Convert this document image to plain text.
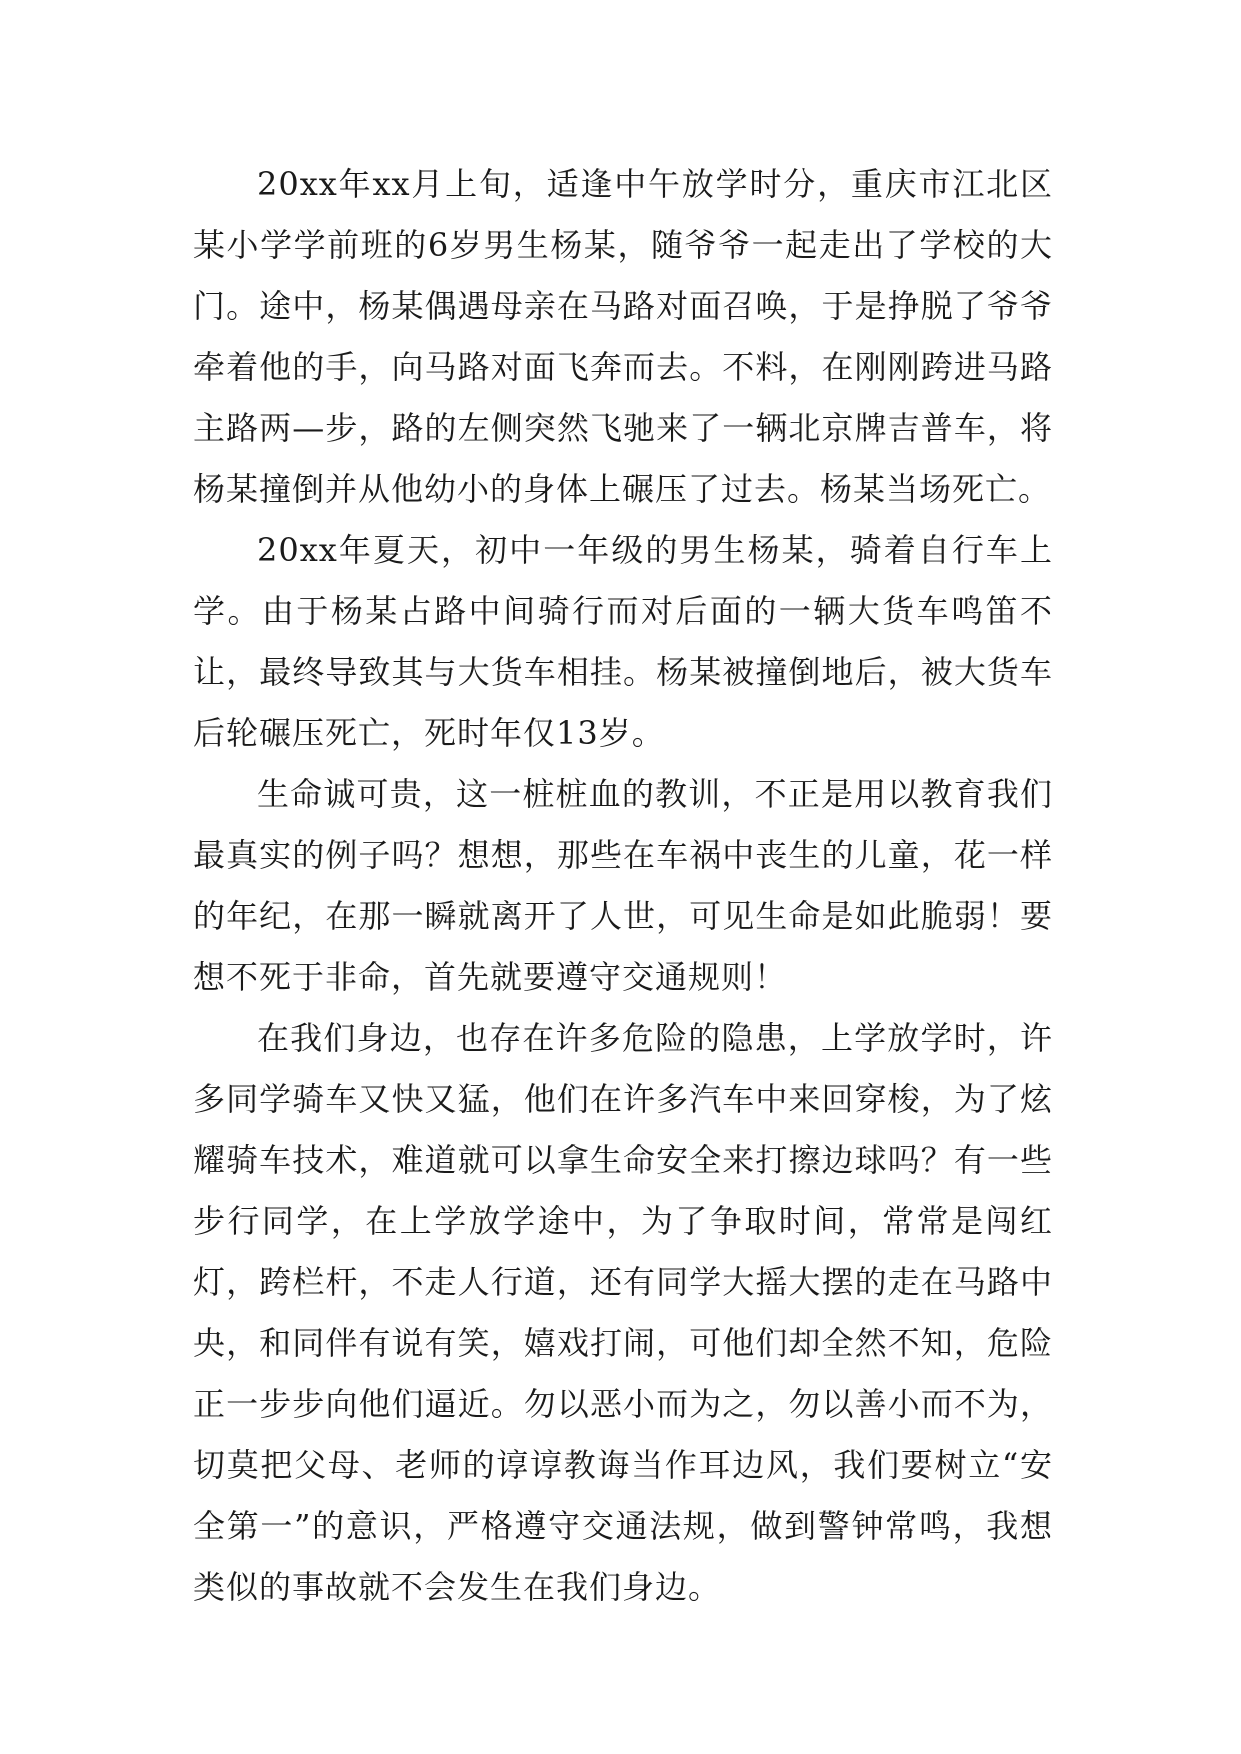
20xx年xx月上旬，适逢中午放学时分，重庆市江北区某小学学前班的6岁男生杨某，随爷爷一起走出了学校的大门。途中，杨某偶遇母亲在马路对面召唤，于是挣脱了爷爷牵着他的手，向马路对面飞奔而去。不料，在刚刚跨进马路主路两—步，路的左侧突然飞驰来了一辆北京牌吉普车，将杨某撞倒并从他幼小的身体上碾压了过去。杨某当场死亡。

20xx年夏天，初中一年级的男生杨某，骑着自行车上学。由于杨某占路中间骑行而对后面的一辆大货车鸣笛不让，最终导致其与大货车相挂。杨某被撞倒地后，被大货车后轮碾压死亡，死时年仅13岁。

生命诚可贵，这一桩桩血的教训，不正是用以教育我们最真实的例子吗？想想，那些在车祸中丧生的儿童，花一样的年纪，在那一瞬就离开了人世，可见生命是如此脆弱！要想不死于非命，首先就要遵守交通规则！

在我们身边，也存在许多危险的隐患，上学放学时，许多同学骑车又快又猛，他们在许多汽车中来回穿梭，为了炫耀骑车技术，难道就可以拿生命安全来打擦边球吗？有一些步行同学，在上学放学途中，为了争取时间，常常是闯红灯，跨栏杆，不走人行道，还有同学大摇大摆的走在马路中央，和同伴有说有笑，嬉戏打闹，可他们却全然不知，危险正一步步向他们逼近。勿以恶小而为之，勿以善小而不为，切莫把父母、老师的谆谆教诲当作耳边风，我们要树立“安全第一”的意识，严格遵守交通法规，做到警钟常鸣，我想类似的事故就不会发生在我们身边。
